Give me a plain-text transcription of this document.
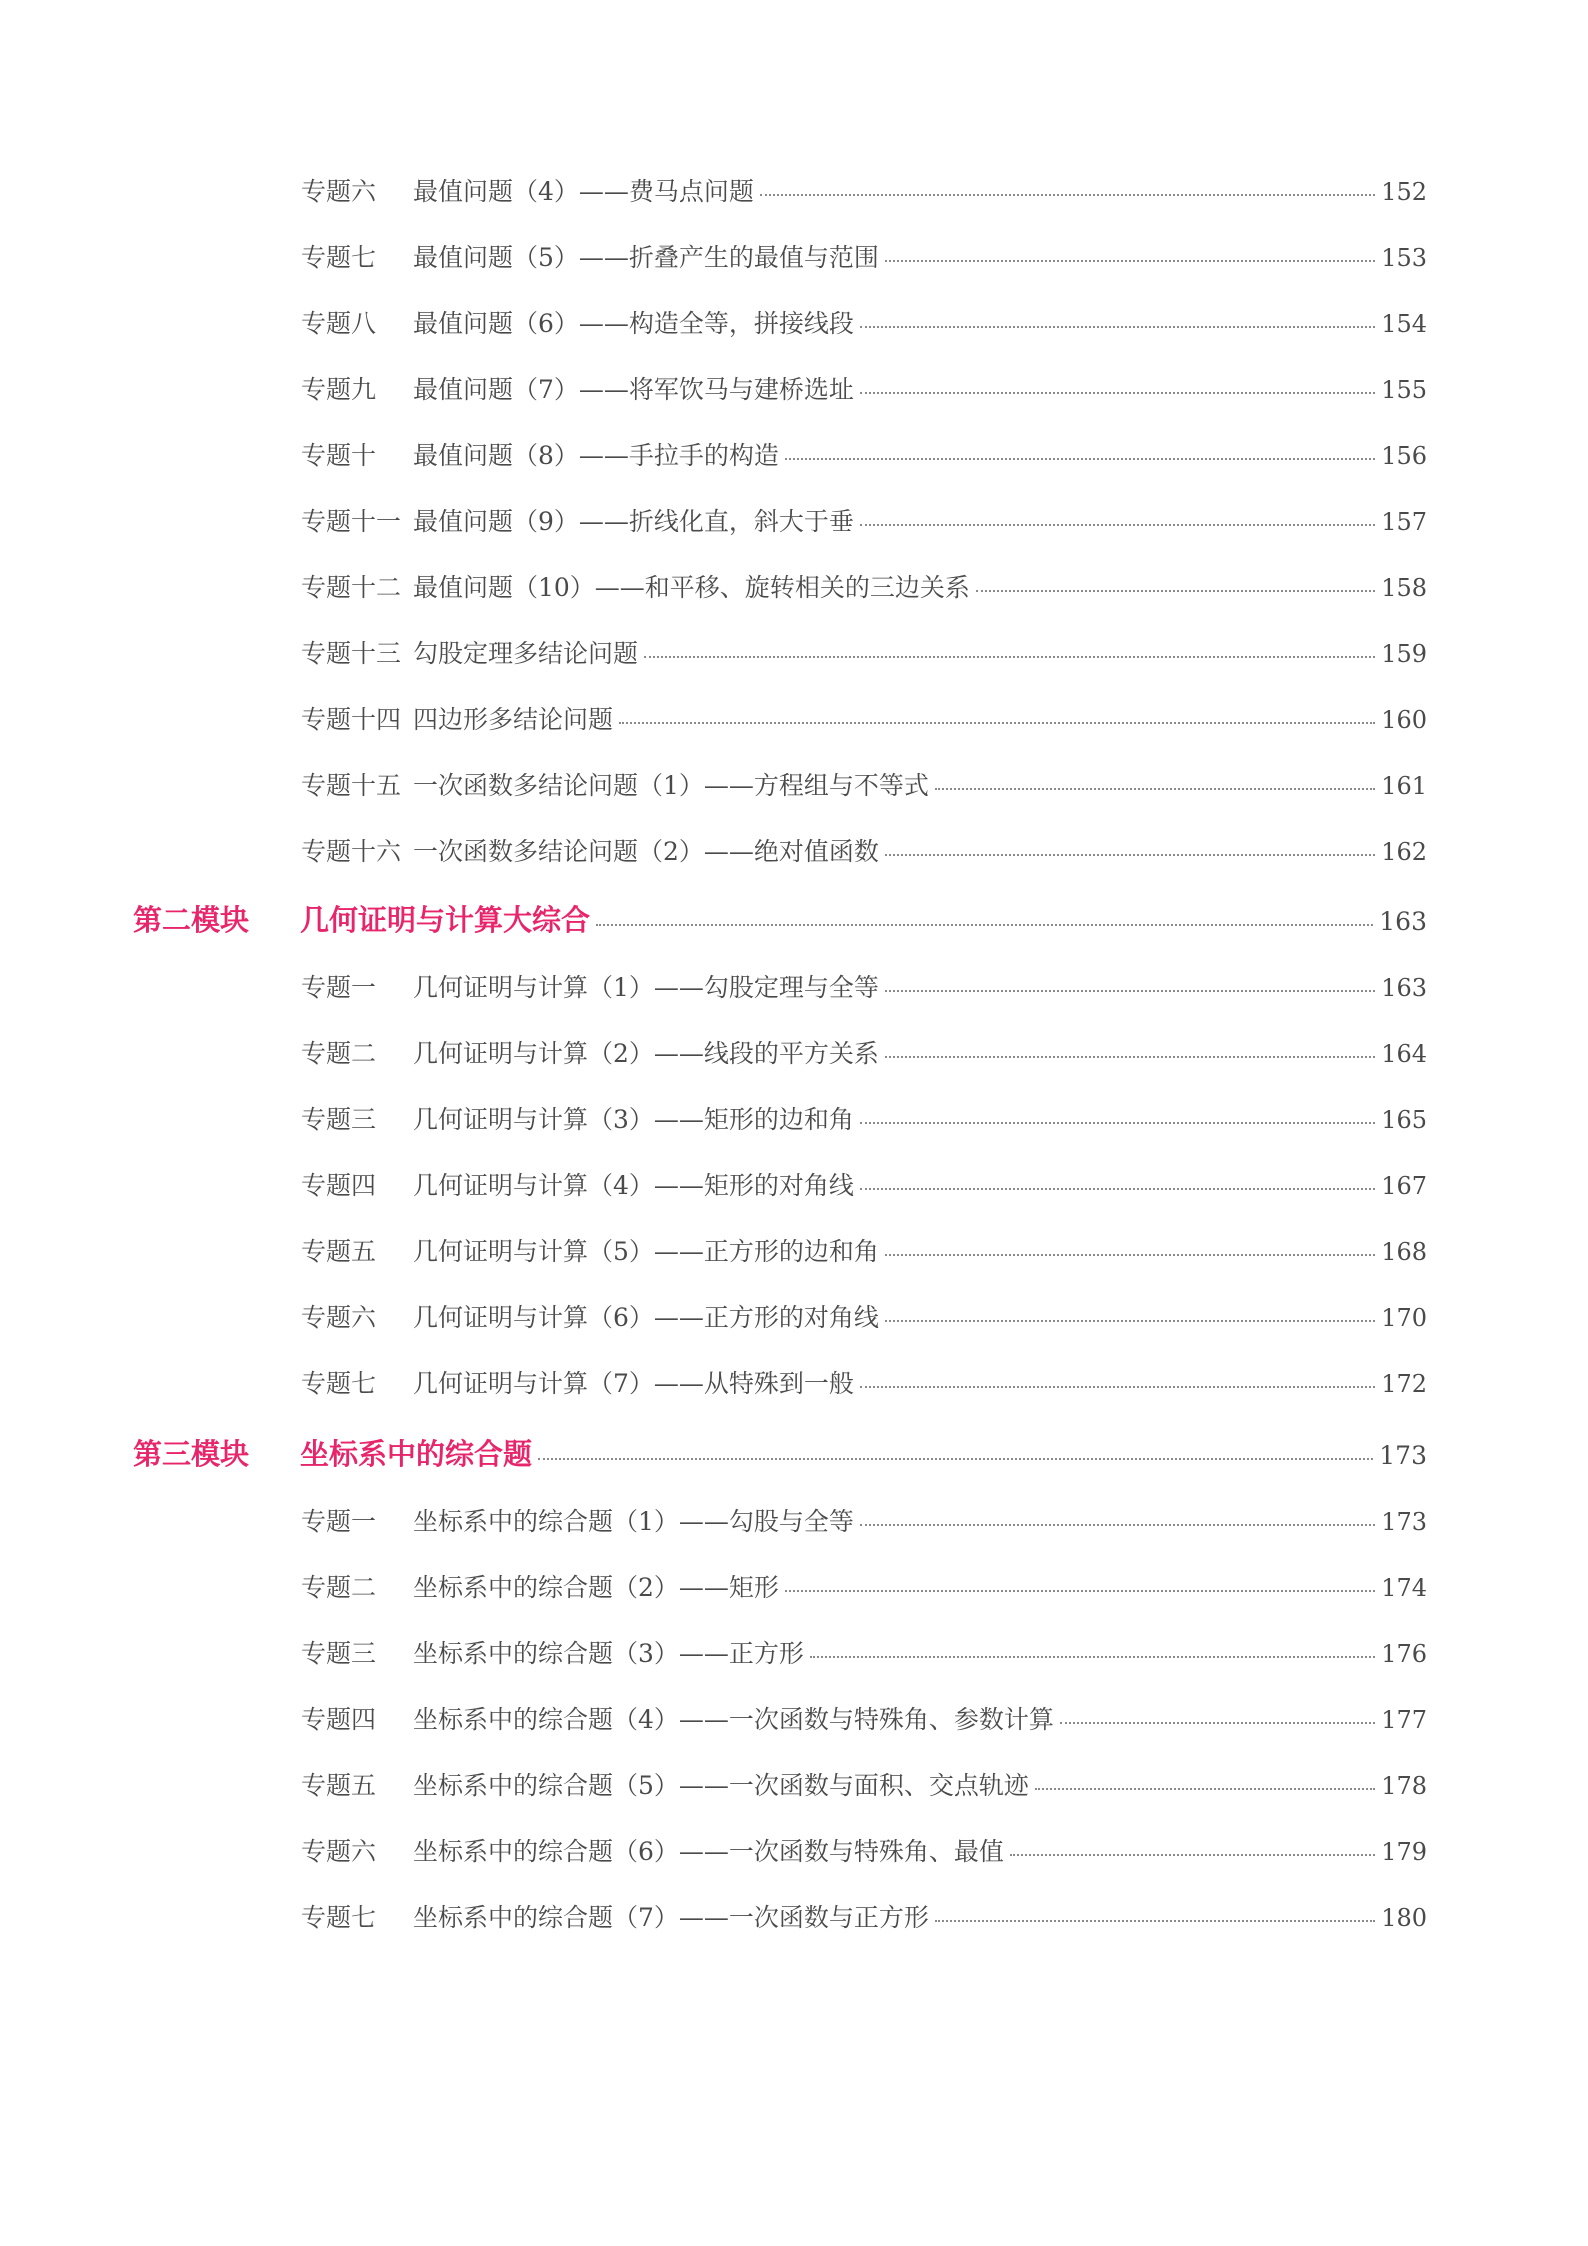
专题六	最值问题（4）——费马点问题	152
专题七	最值问题（5）——折叠产生的最值与范围	153
专题八	最值问题（6）——构造全等，拼接线段	154
专题九	最值问题（7）——将军饮马与建桥选址	155
专题十	最值问题（8）——手拉手的构造	156
专题十一 最值问题（9）——折线化直，斜大于垂	157
专题十二 最值问题（10）——和平移、旋转相关的三边关系	158
专题十三 勾股定理多结论问题	159
专题十四 四边形多结论问题	160
专题十五 一次函数多结论问题（1）——方程组与不等式	161
专题十六 一次函数多结论问题（2）——绝对值函数	162
第二模块	几何证明与计算大综合	163
专题一	几何证明与计算（1）——勾股定理与全等	163
专题二	几何证明与计算（2）——线段的平方关系	164
专题三	几何证明与计算（3）——矩形的边和角	165
专题四	几何证明与计算（4）——矩形的对角线	167
专题五	几何证明与计算（5）——正方形的边和角	168
专题六	几何证明与计算（6）——正方形的对角线	170
专题七	几何证明与计算（7）——从特殊到一般	172
第三模块	坐标系中的综合题	173
专题一	坐标系中的综合题（1）——勾股与全等	173
专题二	坐标系中的综合题（2）——矩形	174
专题三	坐标系中的综合题（3）——正方形	176
专题四	坐标系中的综合题（4）——一次函数与特殊角、参数计算	177
专题五	坐标系中的综合题（5）——一次函数与面积、交点轨迹	178
专题六	坐标系中的综合题（6）——一次函数与特殊角、最值	179
专题七	坐标系中的综合题（7）——一次函数与正方形	180
